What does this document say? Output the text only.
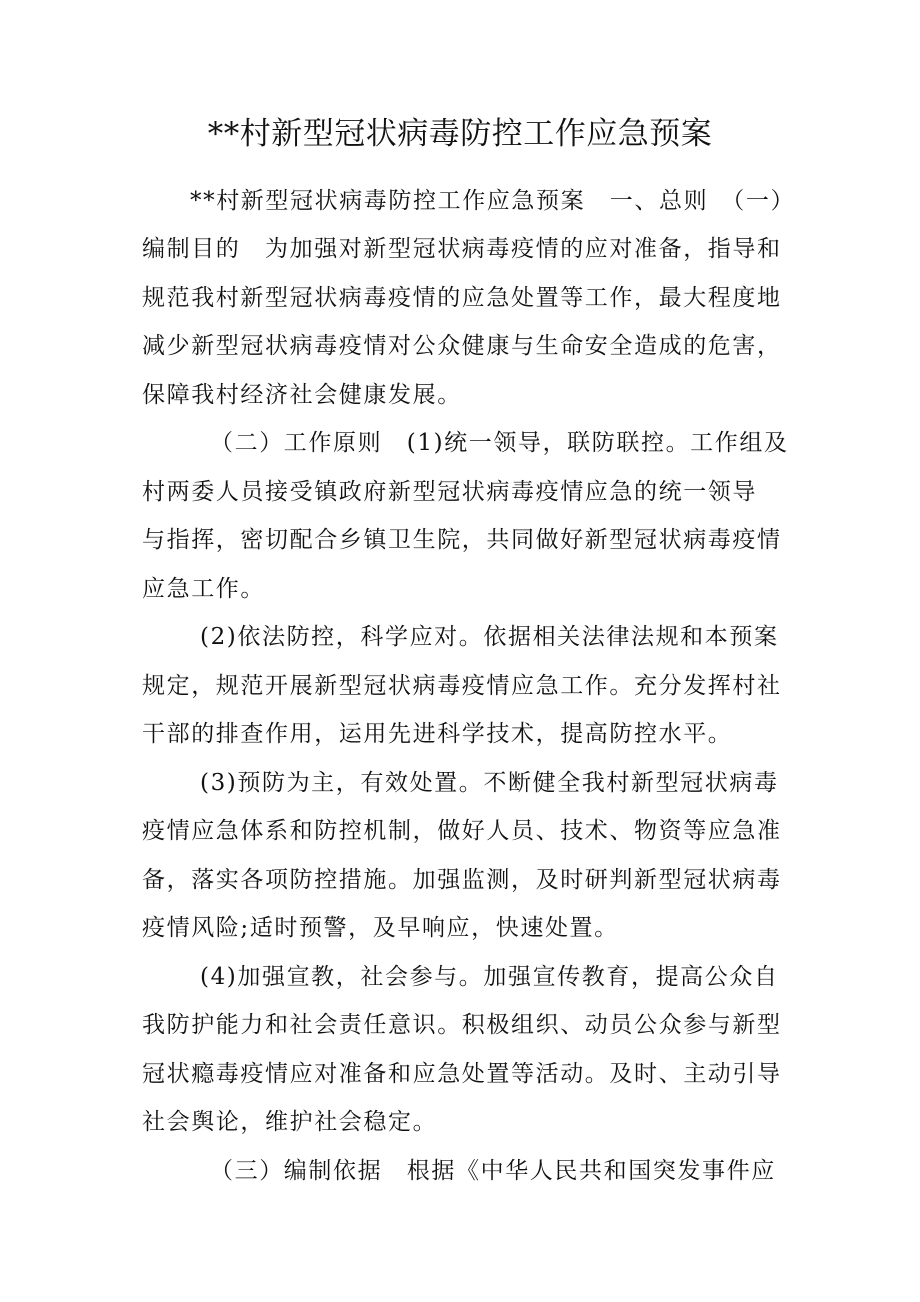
**村新型冠状病毒防控工作应急预案

**村新型冠状病毒防控工作应急预案　一、总则　（一）

编制目的　为加强对新型冠状病毒疫情的应对准备，指导和

规范我村新型冠状病毒疫情的应急处置等工作，最大程度地

减少新型冠状病毒疫情对公众健康与生命安全造成的危害，

保障我村经济社会健康发展。

（二）工作原则　(1)统一领导，联防联控。工作组及

村两委人员接受镇政府新型冠状病毒疫情应急的统一领导

与指挥，密切配合乡镇卫生院，共同做好新型冠状病毒疫情

应急工作。

(2)依法防控，科学应对。依据相关法律法规和本预案

规定，规范开展新型冠状病毒疫情应急工作。充分发挥村社

干部的排查作用，运用先进科学技术，提高防控水平。

(3)预防为主，有效处置。不断健全我村新型冠状病毒

疫情应急体系和防控机制，做好人员、技术、物资等应急准

备，落实各项防控措施。加强监测，及时研判新型冠状病毒

疫情风险;适时预警，及早响应，快速处置。

(4)加强宣教，社会参与。加强宣传教育，提高公众自

我防护能力和社会责任意识。积极组织、动员公众参与新型

冠状瘾毒疫情应对准备和应急处置等活动。及时、主动引导

社会舆论，维护社会稳定。

（三）编制依据　根据《中华人民共和国突发事件应
